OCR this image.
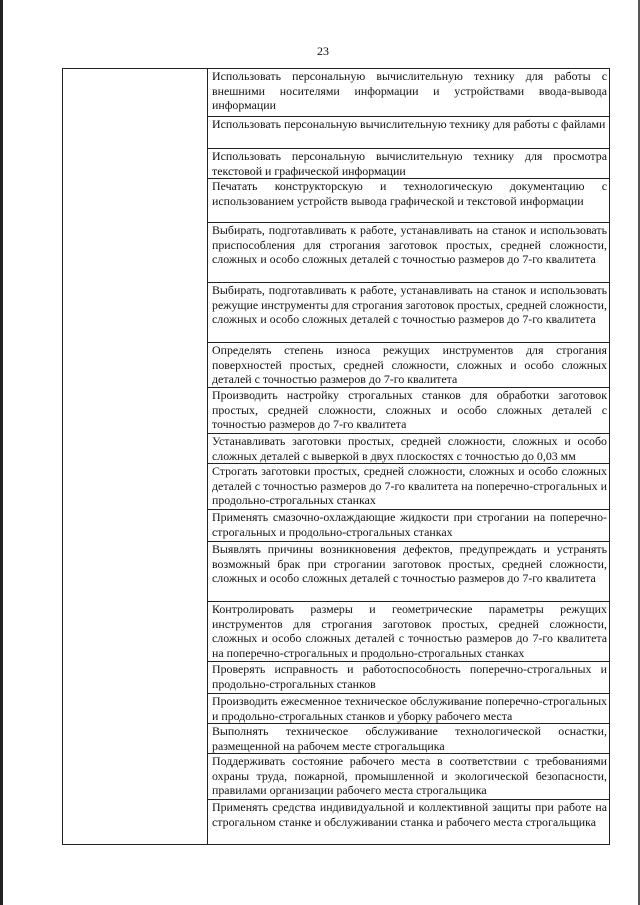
23

Использовать персональную вычислительную технику для работы с внешними носителями информации и устройствами ввода-вывода информации

Использовать персональную вычислительную технику для работы с файлами

Использовать персональную вычислительную технику для просмотра текстовой и графической информации

Печатать конструкторскую и технологическую документацию с использованием устройств вывода графической и текстовой информации

Выбирать, подготавливать к работе, устанавливать на станок и использовать приспособления для строгания заготовок простых, средней сложности, сложных и особо сложных деталей с точностью размеров до 7-го квалитета

Выбирать, подготавливать к работе, устанавливать на станок и использовать режущие инструменты для строгания заготовок простых, средней сложности, сложных и особо сложных деталей с точностью размеров до 7-го квалитета

Определять степень износа режущих инструментов для строгания поверхностей простых, средней сложности, сложных и особо сложных деталей с точностью размеров до 7-го квалитета

Производить настройку строгальных станков для обработки заготовок простых, средней сложности, сложных и особо сложных деталей с точностью размеров до 7-го квалитета

Устанавливать заготовки простых, средней сложности, сложных и особо сложных деталей с выверкой в двух плоскостях с точностью до 0,03 мм

Строгать заготовки простых, средней сложности, сложных и особо сложных деталей с точностью размеров до 7-го квалитета на поперечно-строгальных и продольно-строгальных станках

Применять смазочно-охлаждающие жидкости при строгании на поперечно-строгальных и продольно-строгальных станках

Выявлять причины возникновения дефектов, предупреждать и устранять возможный брак при строгании заготовок простых, средней сложности, сложных и особо сложных деталей с точностью размеров до 7-го квалитета

Контролировать размеры и геометрические параметры режущих инструментов для строгания заготовок простых, средней сложности, сложных и особо сложных деталей с точностью размеров до 7-го квалитета на поперечно-строгальных и продольно-строгальных станках

Проверять исправность и работоспособность поперечно-строгальных и продольно-строгальных станков

Производить ежесменное техническое обслуживание поперечно-строгальных и продольно-строгальных станков и уборку рабочего места

Выполнять техническое обслуживание технологической оснастки, размещенной на рабочем месте строгальщика

Поддерживать состояние рабочего места в соответствии с требованиями охраны труда, пожарной, промышленной и экологической безопасности, правилами организации рабочего места строгальщика

Применять средства индивидуальной и коллективной защиты при работе на строгальном станке и обслуживании станка и рабочего места строгальщика
